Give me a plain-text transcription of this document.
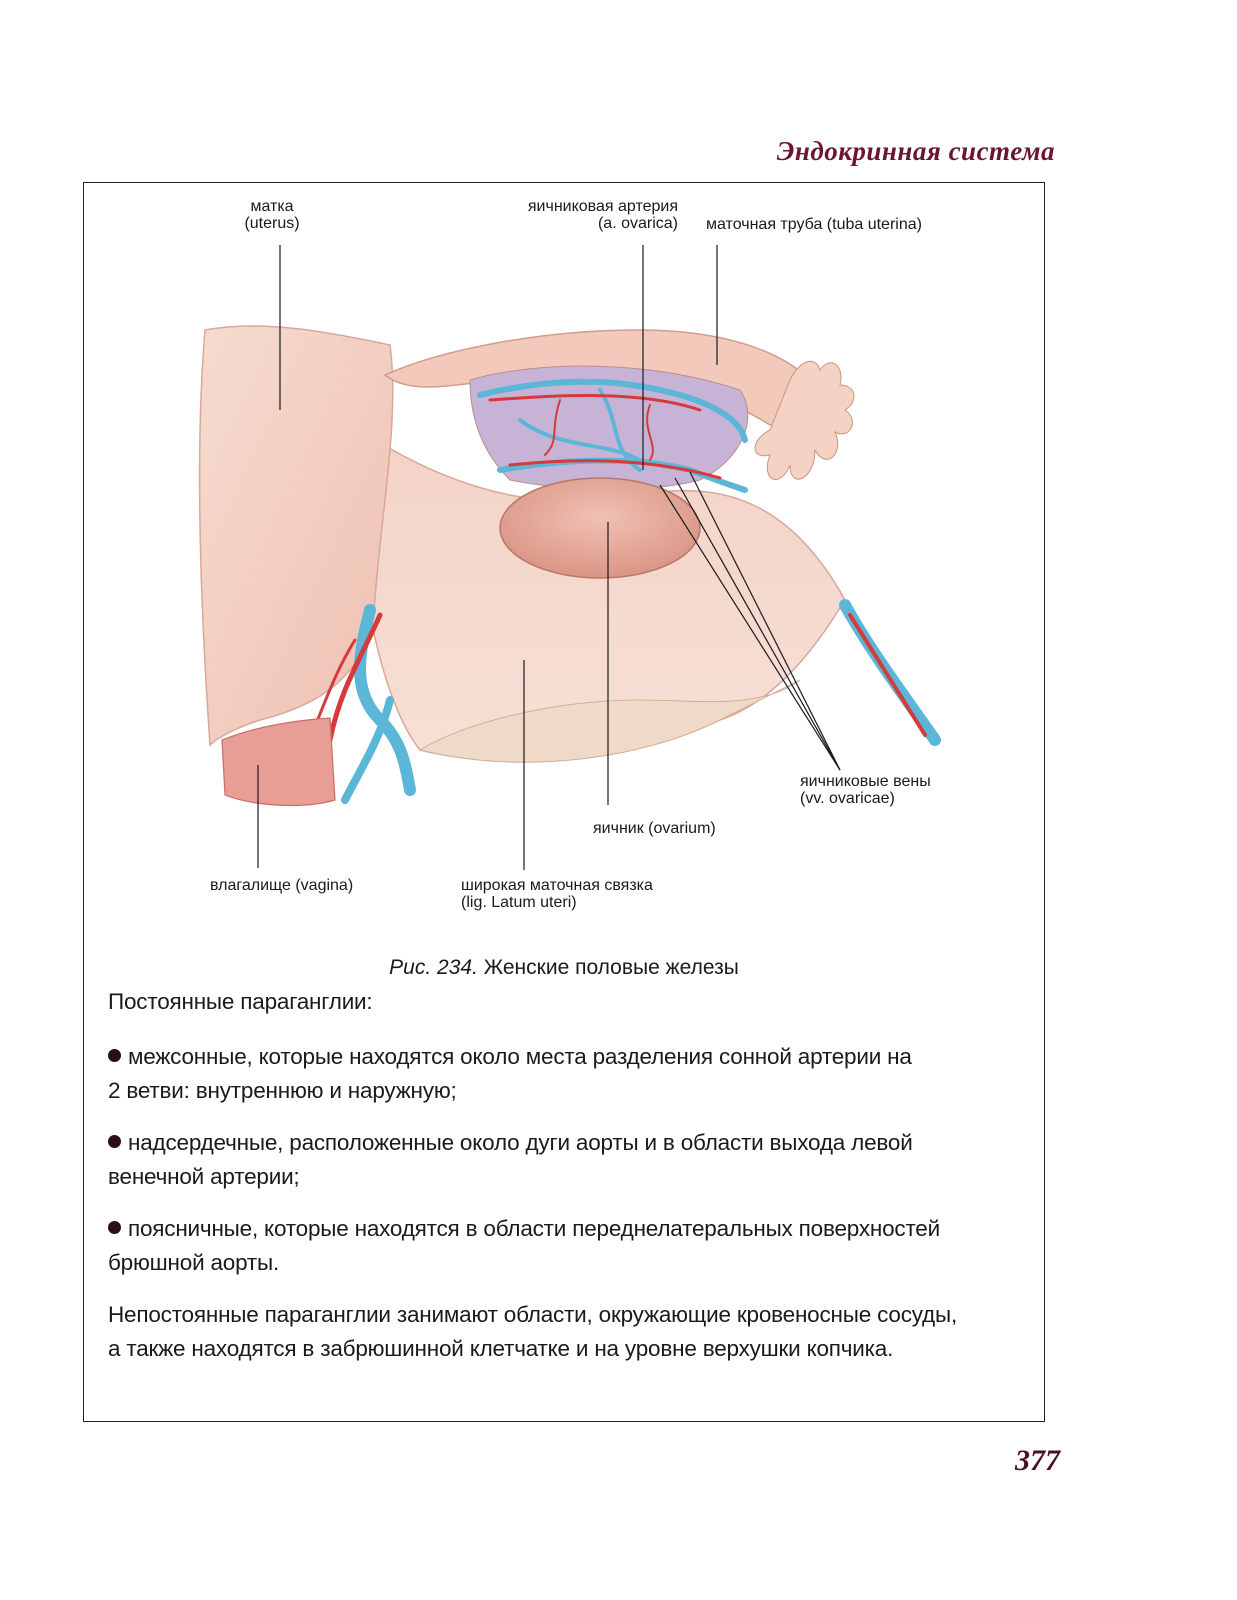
Эндокринная система
матка
(uterus)
яичниковая артерия
(a. ovarica) маточная труба (tuba uterina)
яичниковые вены
(vv. ovaricae)
яичник (ovarium)
влагалище (vagina)	широкая маточная связка
(lig. Latum uteri)
Рис. 234. Женские половые железы
Постоянные параганглии:
межсонные, которые находятся около места разделения сонной артерии на
2 ветви: внутреннюю и наружную;
надсердечные, расположенные около дуги аорты и в области выхода левой
венечной артерии;
поясничные, которые находятся в области переднелатеральных поверхностей
брюшной аорты.
Непостоянные параганглии занимают области, окружающие кровеносные сосуды,
а также находятся в забрюшинной клетчатке и на уровне верхушки копчика.
377
